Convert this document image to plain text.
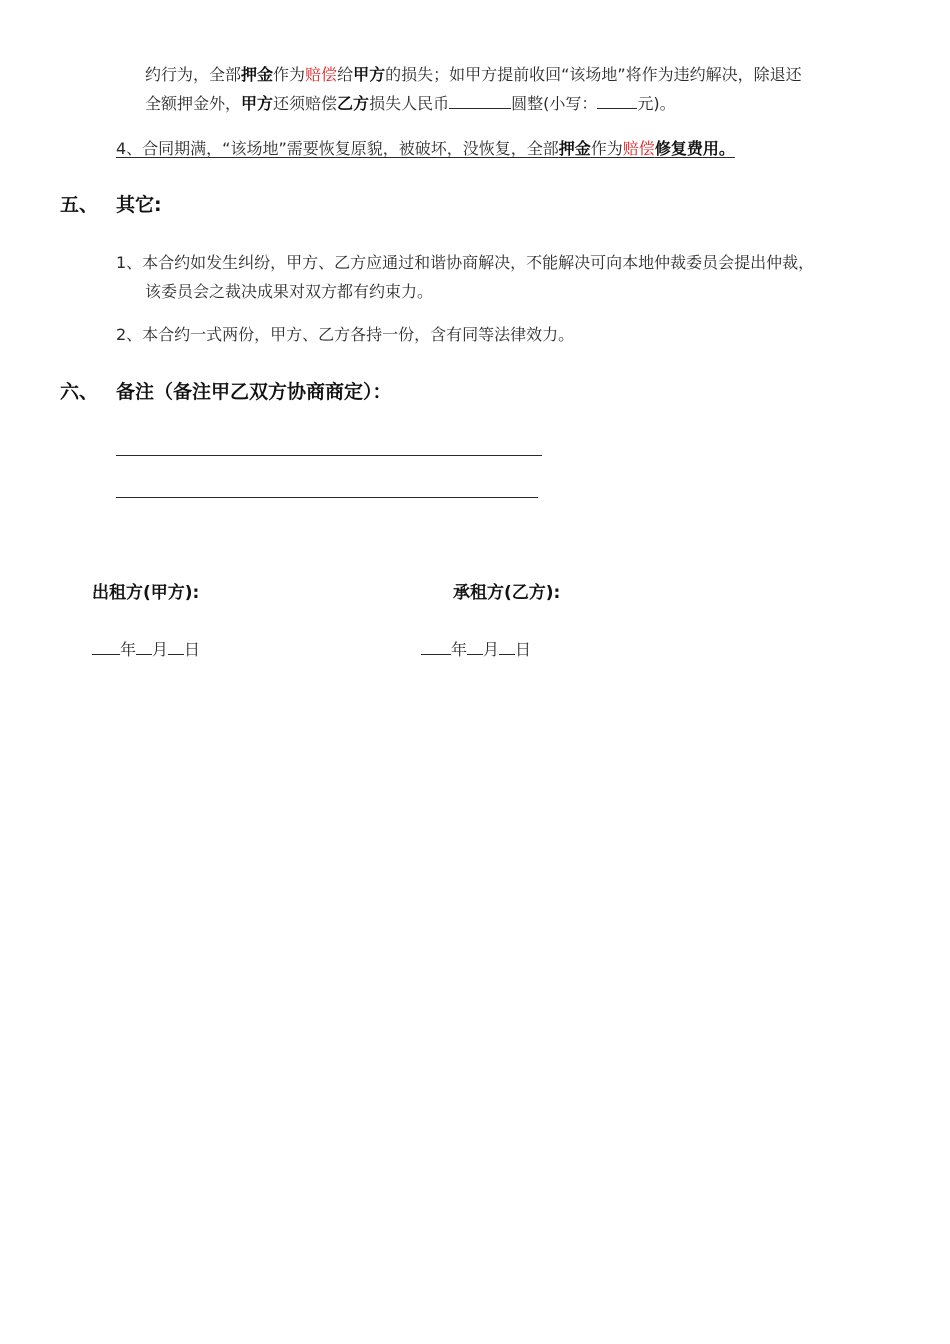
约行为，全部押金作为赔偿给甲方的损失；如甲方提前收回“该场地”将作为违约解决，除退还
全额押金外，甲方还须赔偿乙方损失人民币	圆整(小写：	元)。
4、合同期满，“该场地”需要恢复原貌，被破坏，没恢复，全部押金作为赔偿修复费用。
五、 其它:
1、本合约如发生纠纷，甲方、乙方应通过和谐协商解决，不能解决可向本地仲裁委员会提出仲裁，
该委员会之裁决成果对双方都有约束力。
2、本合约一式两份，甲方、乙方各持一份，含有同等法律效力。
六、 备注（备注甲乙双方协商商定）：
出租方(甲方):	承租方(乙方):
年 月 日	年 月 日
